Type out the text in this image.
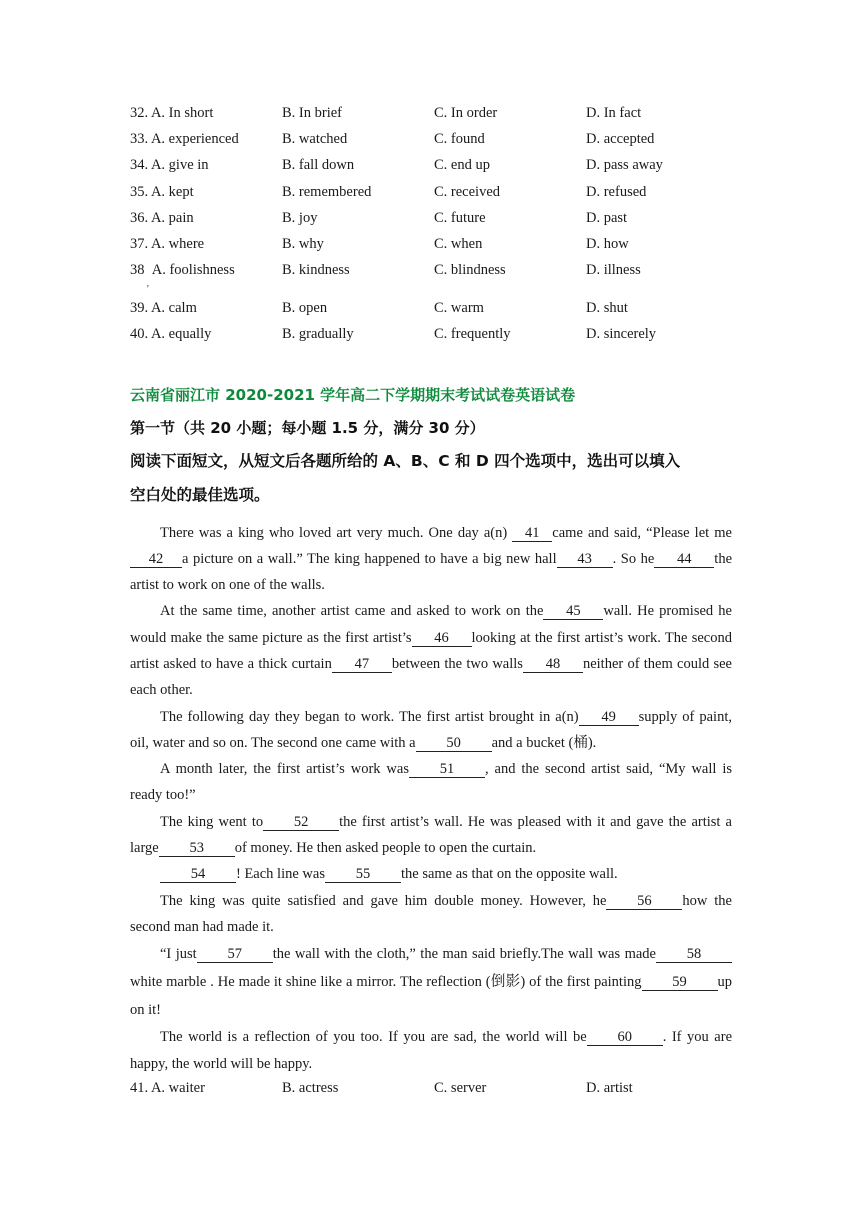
32. A. In short	B. In brief	C. In order	D. In fact
33. A. experienced	B. watched	C. found	D. accepted
34. A. give in	B. fall down	C. end up	D. pass away
35. A. kept	B. remembered	C. received	D. refused
36. A. pain	B. joy	C. future	D. past
37. A. where	B. why	C. when	D. how
38 A. foolishness	B. kindness	C. blindness	D. illness
'
39. A. calm	B. open	C. warm	D. shut
40. A. equally	B. gradually	C. frequently	D. sincerely
云南省丽江市 2020-2021 学年高二下学期期末考试试卷英语试卷
第一节（共 20 小题；每小题 1.5 分，满分 30 分）
阅读下面短文，从短文后各题所给的 A、B、C 和 D 四个选项中，选出可以填入
空白处的最佳选项。

There was a king who loved art very much. One day a(n) 41 came and said, “Please let me 42 a picture on a wall.” The king happened to have a big new hall 43 . So he 44 the artist to work on one of the walls.

At the same time, another artist came and asked to work on the 45 wall. He promised he would make the same picture as the first artist’s 46 looking at the first artist’s work. The second artist asked to have a thick curtain 47 between the two walls 48 neither of them could see each other.

The following day they began to work. The first artist brought in a(n) 49 supply of paint, oil, water and so on. The second one came with a 50 and a bucket (桶).

A month later, the first artist’s work was 51 , and the second artist said, “My wall is ready too!”

The king went to 52 the first artist’s wall. He was pleased with it and gave the artist a large 53 of money. He then asked people to open the curtain.

54 ! Each line was 55 the same as that on the opposite wall.

The king was quite satisfied and gave him double money. However, he 56 how the second man had made it.

“I just 57 the wall with the cloth,” the man said briefly.The wall was made 58white marble . He made it shine like a mirror. The reflection (倒影) of the first painting 59 up on it!

The world is a reflection of you too. If you are sad, the world will be 60 . If you are happy, the world will be happy.

41. A. waiter	B. actress	C. server	D. artist
